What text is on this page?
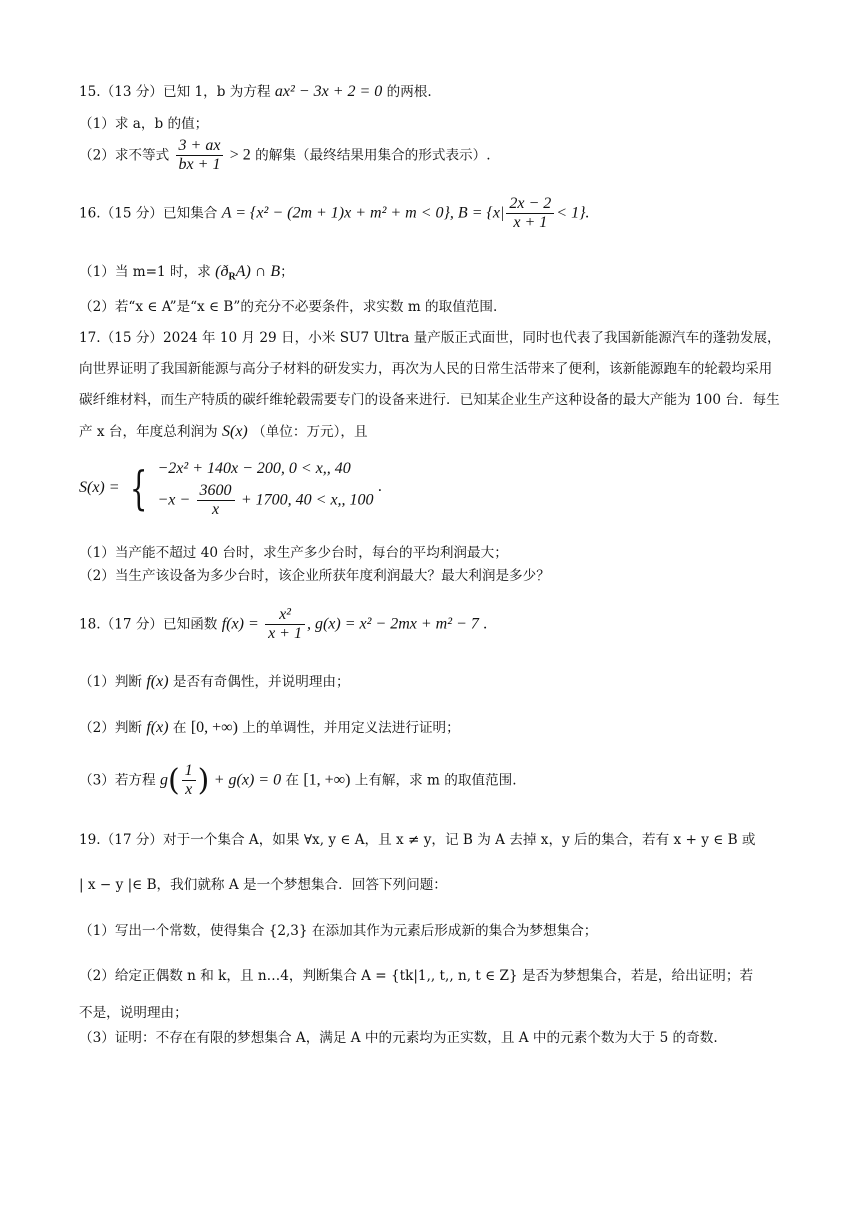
15.（13 分）已知 1，b 为方程 ax² − 3x + 2 = 0 的两根.
（1）求 a，b 的值；
（2）求不等式 $\frac{3 + ax}{bx + 1} > 2$ 的解集（最终结果用集合的形式表示）.
16.（15 分）已知集合 A = {x² − (2m + 1)x + m² + m < 0}, $B = \{x| \frac{2x - 2}{x + 1} < 1\}$.
（1）当 m=1 时，求 $(ð_RA)$ ∩ B；
（2）若“x ∈ A”是“x ∈ B”的充分不必要条件，求实数 m 的取值范围.
17.（15 分）2024 年 10 月 29 日，小米 SU7 Ultra 量产版正式面世，同时也代表了我国新能源汽车的蓬勃发展，向世界证明了我国新能源与高分子材料的研发实力，再次为人民的日常生活带来了便利，该新能源跑车的轮毂均采用碳纤维材料，而生产特质的碳纤维轮毂需要专门的设备来进行．已知某企业生产这种设备的最大产能为 100 台．每生产 x 台，年度总利润为 S(x) （单位：万元），且
S(x) = { −2x² + 140x − 200, 0 < x,, 40
$-x - \frac{3600}{x} + 1700$, 40 < x,, 100
.
（1）当产能不超过 40 台时，求生产多少台时，每台的平均利润最大；
（2）当生产该设备为多少台时，该企业所获年度利润最大？最大利润是多少？
18.（17 分）已知函数 $f(x) = \frac{\text{x²}}{x + 1}$ , g(x) = x² − 2mx + m² − 7 .
（1）判断 f(x) 是否有奇偶性，并说明理由；
（2）判断 f(x) 在 [0, +∞) 上的单调性，并用定义法进行证明；
（3）若方程 $g( \frac{1}{x}$ ) + g(x) = 0 在 [1, +∞) 上有解，求 m 的取值范围.
19.（17 分）对于一个集合 A，如果 ∀x, y ∈ A，且 x ≠ y，记 B 为 A 去掉 x，y 后的集合，若有 x + y ∈ B 或
| x − y |∈ B，我们就称 A 是一个梦想集合．回答下列问题：
（1）写出一个常数，使得集合 {2,3} 在添加其作为元素后形成新的集合为梦想集合；
（2）给定正偶数 n 和 k，且 n…4，判断集合 A = {tk|1,, t,, n, t ∈ Z} 是否为梦想集合，若是，给出证明；若
不是，说明理由；
（3）证明：不存在有限的梦想集合 A，满足 A 中的元素均为正实数，且 A 中的元素个数为大于 5 的奇数.
